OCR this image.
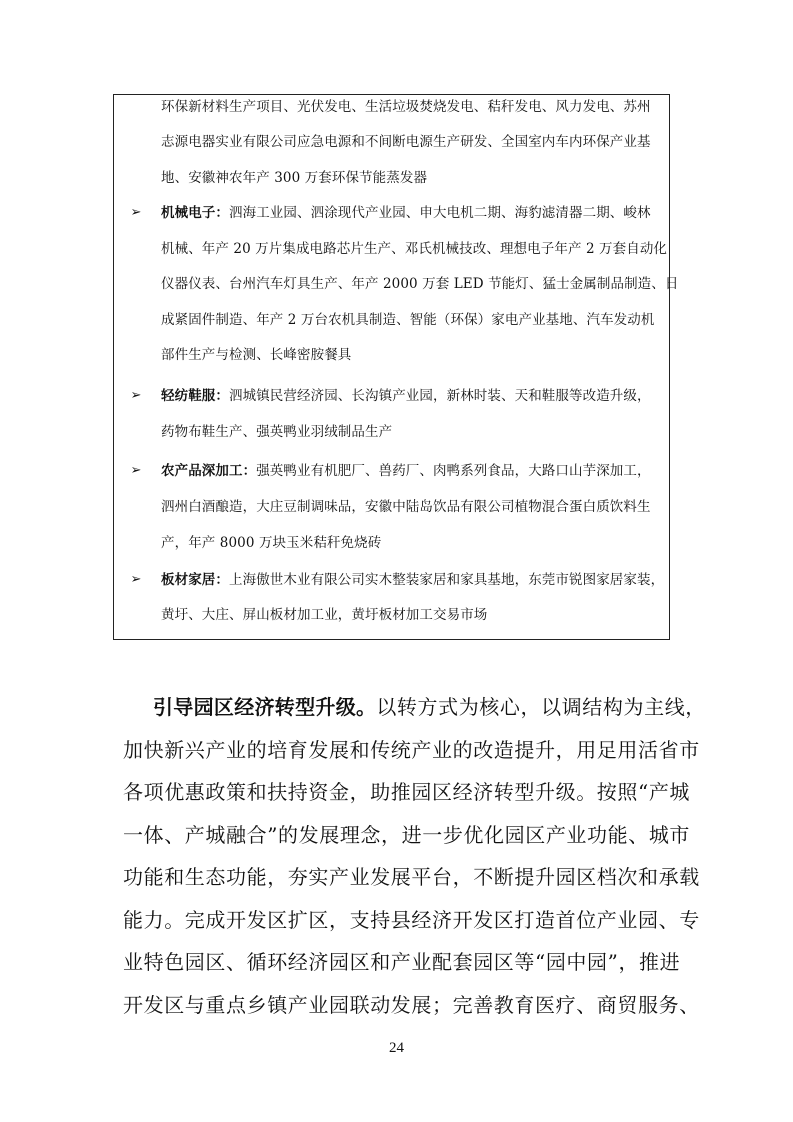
环保新材料生产项目、光伏发电、生活垃圾焚烧发电、秸秆发电、风力发电、苏州
志源电器实业有限公司应急电源和不间断电源生产研发、全国室内车内环保产业基
地、安徽神农年产 300 万套环保节能蒸发器
➢ 机械电子：泗海工业园、泗涂现代产业园、申大电机二期、海豹滤清器二期、峻林
机械、年产 20 万片集成电路芯片生产、邓氏机械技改、理想电子年产 2 万套自动化
仪器仪表、台州汽车灯具生产、年产 2000 万套 LED 节能灯、猛士金属制品制造、日
成紧固件制造、年产 2 万台农机具制造、智能（环保）家电产业基地、汽车发动机
部件生产与检测、长峰密胺餐具
➢ 轻纺鞋服：泗城镇民营经济园、长沟镇产业园，新林时装、天和鞋服等改造升级，
药物布鞋生产、强英鸭业羽绒制品生产
➢ 农产品深加工：强英鸭业有机肥厂、兽药厂、肉鸭系列食品，大路口山芋深加工，
泗州白酒酿造，大庄豆制调味品，安徽中陆岛饮品有限公司植物混合蛋白质饮料生
产，年产 8000 万块玉米秸秆免烧砖
➢ 板材家居：上海傲世木业有限公司实木整装家居和家具基地，东莞市锐图家居家装，
黄圩、大庄、屏山板材加工业，黄圩板材加工交易市场
引导园区经济转型升级。以转方式为核心，以调结构为主线，
加快新兴产业的培育发展和传统产业的改造提升，用足用活省市
各项优惠政策和扶持资金，助推园区经济转型升级。按照“产城
一体、产城融合”的发展理念，进一步优化园区产业功能、城市
功能和生态功能，夯实产业发展平台，不断提升园区档次和承载
能力。完成开发区扩区，支持县经济开发区打造首位产业园、专
业特色园区、循环经济园区和产业配套园区等“园中园”，推进
开发区与重点乡镇产业园联动发展；完善教育医疗、商贸服务、
24
